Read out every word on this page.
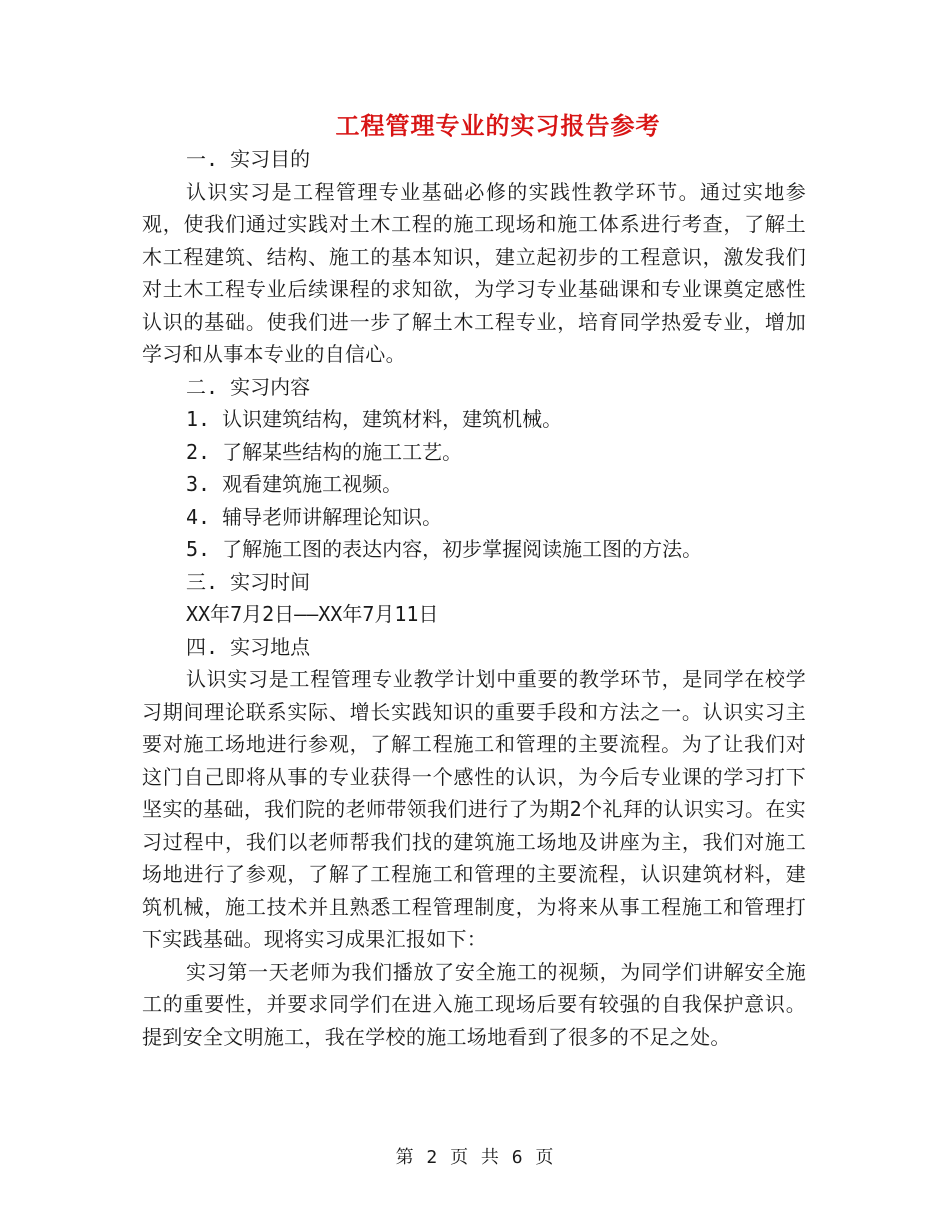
工程管理专业的实习报告参考

一. 实习目的

认识实习是工程管理专业基础必修的实践性教学环节。通过实地参观，使我们通过实践对土木工程的施工现场和施工体系进行考查，了解土木工程建筑、结构、施工的基本知识，建立起初步的工程意识，激发我们对土木工程专业后续课程的求知欲，为学习专业基础课和专业课奠定感性认识的基础。使我们进一步了解土木工程专业，培育同学热爱专业，增加学习和从事本专业的自信心。

二. 实习内容

1. 认识建筑结构，建筑材料，建筑机械。

2. 了解某些结构的施工工艺。

3. 观看建筑施工视频。

4. 辅导老师讲解理论知识。

5. 了解施工图的表达内容，初步掌握阅读施工图的方法。

三. 实习时间

XX年7月2日——XX年7月11日

四. 实习地点

认识实习是工程管理专业教学计划中重要的教学环节，是同学在校学习期间理论联系实际、增长实践知识的重要手段和方法之一。认识实习主要对施工场地进行参观，了解工程施工和管理的主要流程。为了让我们对这门自己即将从事的专业获得一个感性的认识，为今后专业课的学习打下坚实的基础，我们院的老师带领我们进行了为期2个礼拜的认识实习。在实习过程中，我们以老师帮我们找的建筑施工场地及讲座为主，我们对施工场地进行了参观，了解了工程施工和管理的主要流程，认识建筑材料，建筑机械，施工技术并且熟悉工程管理制度，为将来从事工程施工和管理打下实践基础。现将实习成果汇报如下：

实习第一天老师为我们播放了安全施工的视频，为同学们讲解安全施工的重要性，并要求同学们在进入施工现场后要有较强的自我保护意识。提到安全文明施工，我在学校的施工场地看到了很多的不足之处。

第 2 页 共 6 页
